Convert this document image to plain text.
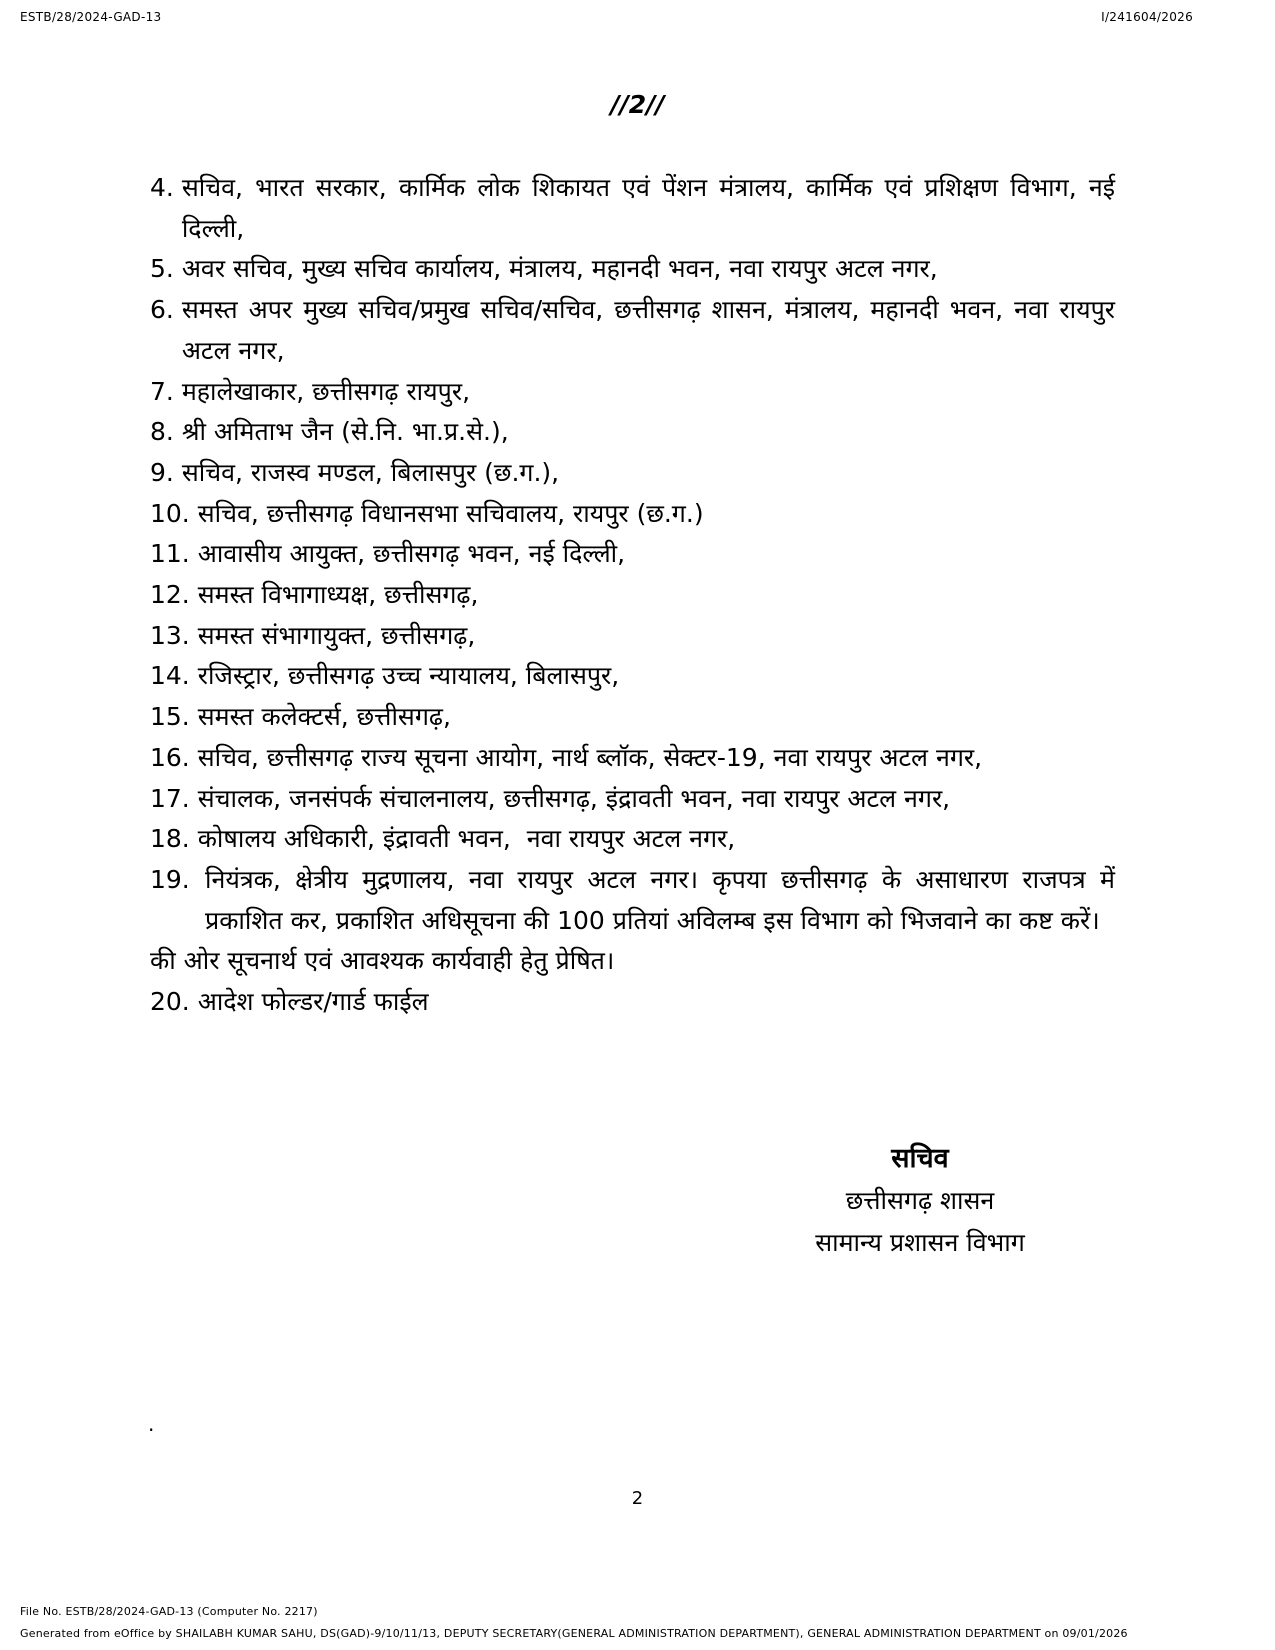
ESTB/28/2024-GAD-13	I/241604/2026
//2//
4. सचिव, भारत सरकार, कार्मिक लोक शिकायत एवं पेंशन मंत्रालय, कार्मिक एवं प्रशिक्षण विभाग, नई दिल्ली,
5. अवर सचिव, मुख्य सचिव कार्यालय, मंत्रालय, महानदी भवन, नवा रायपुर अटल नगर,
6. समस्त अपर मुख्य सचिव/प्रमुख सचिव/सचिव, छत्तीसगढ़ शासन, मंत्रालय, महानदी भवन, नवा रायपुर अटल नगर,
7. महालेखाकार, छत्तीसगढ़ रायपुर,
8. श्री अमिताभ जैन (से.नि. भा.प्र.से.),
9. सचिव, राजस्व मण्डल, बिलासपुर (छ.ग.),
10. सचिव, छत्तीसगढ़ विधानसभा सचिवालय, रायपुर (छ.ग.)
11. आवासीय आयुक्त, छत्तीसगढ़ भवन, नई दिल्ली,
12. समस्त विभागाध्यक्ष, छत्तीसगढ़,
13. समस्त संभागायुक्त, छत्तीसगढ़,
14. रजिस्ट्रार, छत्तीसगढ़ उच्च न्यायालय, बिलासपुर,
15. समस्त कलेक्टर्स, छत्तीसगढ़,
16. सचिव, छत्तीसगढ़ राज्य सूचना आयोग, नार्थ ब्लॉक, सेक्टर-19, नवा रायपुर अटल नगर,
17. संचालक, जनसंपर्क संचालनालय, छत्तीसगढ़, इंद्रावती भवन, नवा रायपुर अटल नगर,
18. कोषालय अधिकारी, इंद्रावती भवन,  नवा रायपुर अटल नगर,
19. नियंत्रक, क्षेत्रीय मुद्रणालय, नवा रायपुर अटल नगर। कृपया छत्तीसगढ़ के असाधारण राजपत्र में प्रकाशित कर, प्रकाशित अधिसूचना की 100 प्रतियां अविलम्ब इस विभाग को भिजवाने का कष्ट करें।
की ओर सूचनार्थ एवं आवश्यक कार्यवाही हेतु प्रेषित।
20. आदेश फोल्डर/गार्ड फाईल
सचिव
छत्तीसगढ़ शासन
सामान्य प्रशासन विभाग
.
2
File No. ESTB/28/2024-GAD-13 (Computer No. 2217)
Generated from eOffice by SHAILABH KUMAR SAHU, DS(GAD)-9/10/11/13, DEPUTY SECRETARY(GENERAL ADMINISTRATION DEPARTMENT), GENERAL ADMINISTRATION DEPARTMENT on 09/01/2026
